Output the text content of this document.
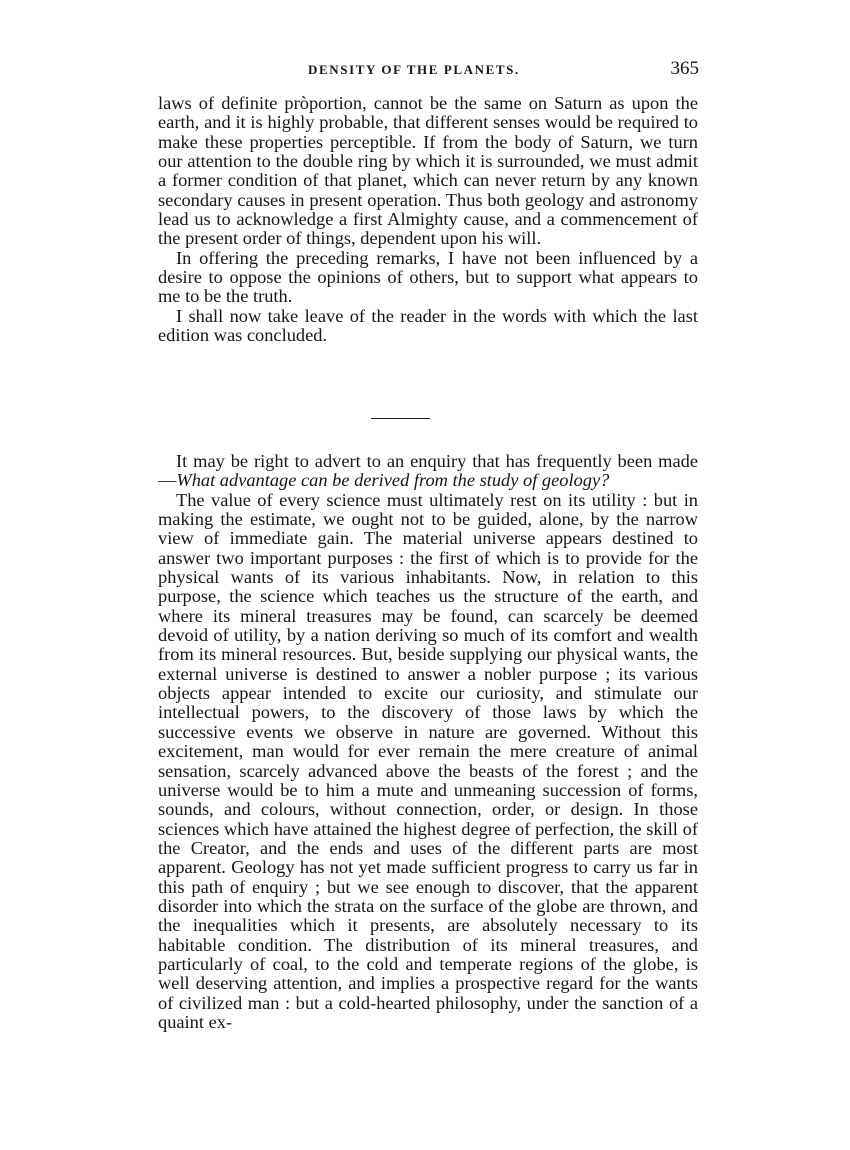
DENSITY OF THE PLANETS.	365

laws of definite pròportion, cannot be the same on Saturn as upon the earth, and it is highly probable, that different senses would be required to make these properties perceptible. If from the body of Saturn, we turn our attention to the double ring by which it is surrounded, we must admit a former condition of that planet, which can never return by any known secondary causes in present operation. Thus both geology and astronomy lead us to acknowledge a first Almighty cause, and a commencement of the present order of things, dependent upon his will.

In offering the preceding remarks, I have not been influenced by a desire to oppose the opinions of others, but to support what appears to me to be the truth.

I shall now take leave of the reader in the words with which the last edition was concluded.

It may be right to advert to an enquiry that has frequently been made—What advantage can be derived from the study of geology?

The value of every science must ultimately rest on its utility : but in making the estimate, we ought not to be guided, alone, by the narrow view of immediate gain. The material universe appears destined to answer two important purposes : the first of which is to provide for the physical wants of its various inhabitants. Now, in relation to this purpose, the science which teaches us the structure of the earth, and where its mineral treasures may be found, can scarcely be deemed devoid of utility, by a nation deriving so much of its comfort and wealth from its mineral resources. But, beside supplying our physical wants, the external universe is destined to answer a nobler purpose ; its various objects appear intended to excite our curiosity, and stimulate our intellectual powers, to the discovery of those laws by which the successive events we observe in nature are governed. Without this excitement, man would for ever remain the mere creature of animal sensation, scarcely advanced above the beasts of the forest ; and the universe would be to him a mute and unmeaning succession of forms, sounds, and colours, without connection, order, or design. In those sciences which have attained the highest degree of perfection, the skill of the Creator, and the ends and uses of the different parts are most apparent. Geology has not yet made sufficient progress to carry us far in this path of enquiry ; but we see enough to discover, that the apparent disorder into which the strata on the surface of the globe are thrown, and the inequalities which it presents, are absolutely necessary to its habitable condition. The distribution of its mineral treasures, and particularly of coal, to the cold and temperate regions of the globe, is well deserving attention, and implies a prospective regard for the wants of civilized man : but a cold-hearted philosophy, under the sanction of a quaint ex-
